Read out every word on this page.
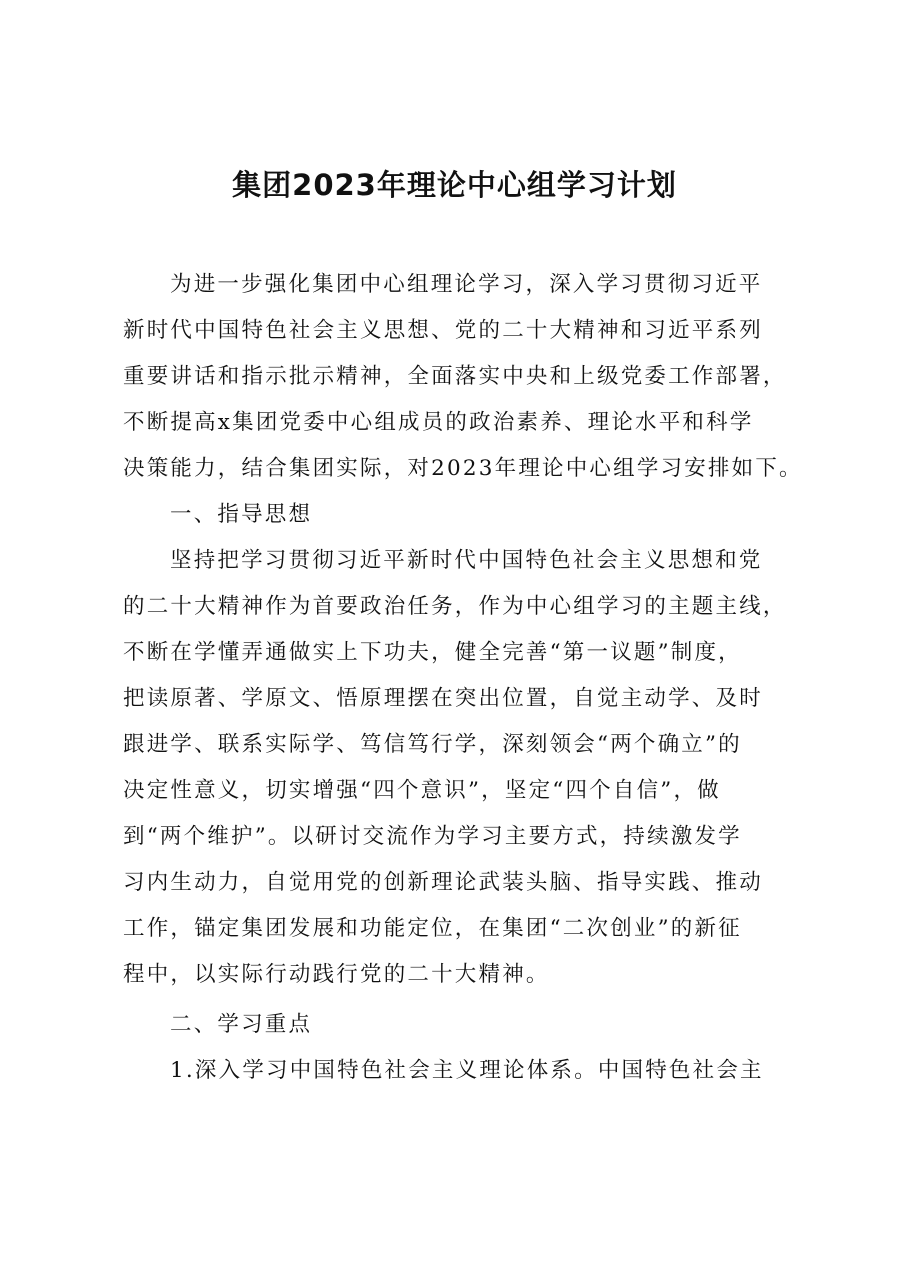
集团2023年理论中心组学习计划
为进一步强化集团中心组理论学习，深入学习贯彻习近平
新时代中国特色社会主义思想、党的二十大精神和习近平系列
重要讲话和指示批示精神，全面落实中央和上级党委工作部署，
不断提高x集团党委中心组成员的政治素养、理论水平和科学
决策能力，结合集团实际，对2023年理论中心组学习安排如下。
一、指导思想
坚持把学习贯彻习近平新时代中国特色社会主义思想和党
的二十大精神作为首要政治任务，作为中心组学习的主题主线，
不断在学懂弄通做实上下功夫，健全完善“第一议题”制度，
把读原著、学原文、悟原理摆在突出位置，自觉主动学、及时
跟进学、联系实际学、笃信笃行学，深刻领会“两个确立”的
决定性意义，切实增强“四个意识”，坚定“四个自信”，做
到“两个维护”。以研讨交流作为学习主要方式，持续激发学
习内生动力，自觉用党的创新理论武装头脑、指导实践、推动
工作，锚定集团发展和功能定位，在集团“二次创业”的新征
程中，以实际行动践行党的二十大精神。
二、学习重点
1.深入学习中国特色社会主义理论体系。中国特色社会主
